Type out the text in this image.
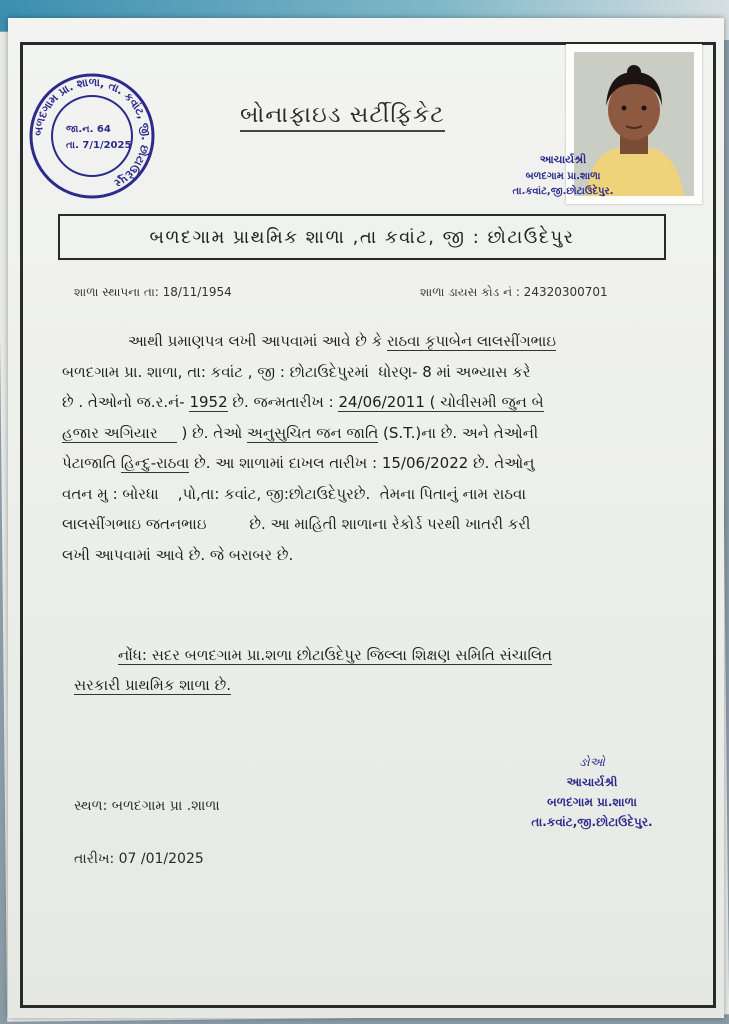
બળદગામ પ્રા. શાળા, તા. કવાંટ, જી. છોટાઉદેપુર
જા.ન. 64
તા. 7/1/2025
બોનાફાઇડ સર્ટીફિકેટ
આચાર્યશ્રી
બળદગામ પ્રા.શાળા
તા.કવાંટ,જી.છોટાઉદેપુર.
બળદગામ પ્રાથમિક શાળા ,તા કવાંટ, જી : છોટાઉદેપુર
શાળા સ્થાપના તા: 18/11/1954	શાળા ડાયસ કોડ નં : 24320300701
આથી પ્રમાણપત્ર લખી આપવામાં આવે છે કે રાઠવા કૃપાબેન લાલસીંગભાઇ
બળદગામ પ્રા. શાળા, તા: કવાંટ , જી : છોટાઉદેપુરમાં  ધોરણ- 8 માં અભ્યાસ કરે
છે . તેઓનો જ.ર.નં- 1952 છે. જન્મતારીખ : 24/06/2011 ( ચોવીસમી જુન બે
હજાર અગિયાર     ) છે. તેઓ અનુસુચિત જન જાતિ (S.T.)ના છે. અને તેઓની
પેટાજાતિ હિન્દુ-રાઠવા છે. આ શાળામાં દાખલ તારીખ : 15/06/2022 છે. તેઓનુ
વતન મુ : બોરધા    ,પો,તા: કવાંટ, જી:છોટાઉદેપુરછે.  તેમના પિતાનું નામ રાઠવા
લાલસીંગભાઇ જતનભાઇ         છે. આ માહિતી શાળાના રેકોર્ડ પરથી ખાતરી કરી
લખી આપવામાં આવે છે. જે બરાબર છે.
નોંધ: સદર બળદગામ પ્રા.શળા છોટાઉદેપુર જિલ્લા શિક્ષણ સમિતિ સંચાલિત
સરકારી પ્રાથમિક શાળા છે.
સ્થળ: બળદગામ પ્રા .શાળા
તારીખ: 07 /01/2025
ઙોઓ
આચાર્યશ્રી
બળદગામ પ્રા.શાળા
તા.કવાંટ,જી.છોટાઉદેપુર.
